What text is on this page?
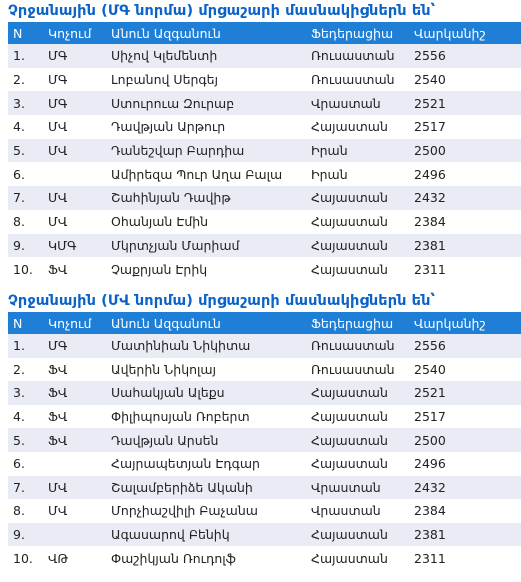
Չրջանային (ՄԳ նորմա) մրցաշարի մասնակիցներն են՝
N	Կոչում	Անուն Ազգանուն	Ֆեդերացիա	Վարկանիշ
1.	ՄԳ	Սիչով Կլեմենտի	Ռուսաստան	2556
2.	ՄԳ	Լոբանով Սերգեյ	Ռուսաստան	2540
3.	ՄԳ	Ստուրուա Զուրաբ	Վրաստան	2521
4.	ՄՎ	Դավթյան Արթուր	Հայաստան	2517
5.	ՄՎ	Դանեշվար Բարդիա	Իրան	2500
6.		Ամիրեզա Պուր Աղա Բալա	Իրան	2496
7.	ՄՎ	Շահինյան Դավիթ	Հայաստան	2432
8.	ՄՎ	Օհանյան Էմին	Հայաստան	2384
9.	ԿՄԳ	Մկրտչյան Մարիամ	Հայաստան	2381
10.	ՖՎ	Չաքրյան Էրիկ	Հայաստան	2311
Չրջանային (ՄՎ նորմա) մրցաշարի մասնակիցներն են՝
N	Կոչում	Անուն Ազգանուն	Ֆեդերացիա	Վարկանիշ
1.	ՄԳ	Մատինիան Նիկիտա	Ռուսաստան	2556
2.	ՖՎ	Ավերին Նիկոլայ	Ռուսաստան	2540
3.	ՖՎ	Սահակյան Ալեքս	Հայաստան	2521
4.	ՖՎ	Փիլիպոսյան Ռոբերտ	Հայաստան	2517
5.	ՖՎ	Դավթյան Արսեն	Հայաստան	2500
6.		Հայրապետյան Էդգար	Հայաստան	2496
7.	ՄՎ	Շալամբերիձե Ականի	Վրաստան	2432
8.	ՄՎ	Մորչիաշվիլի Բաչանա	Վրաստան	2384
9.		Ագասարով Բենիկ	Հայաստան	2381
10.	ՎԹ	Փաշիկյան Ռուդոլֆ	Հայաստան	2311
